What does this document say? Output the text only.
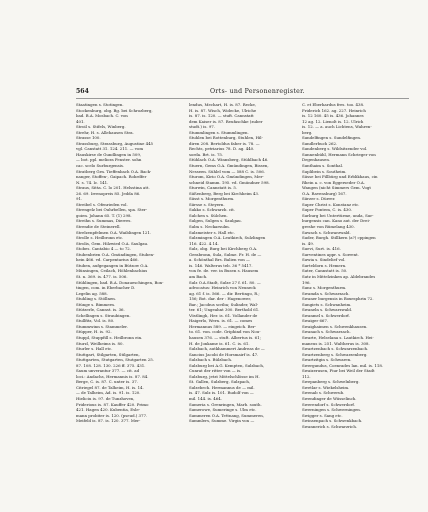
564	Orts- und Personenregister.
Staatingen s. Stotingen.
Stockenburg, obg. Bg. bei Schrozberg,
bad. B.A. Mosbach. C. von
401.
Stroil s. Stifels, Winberg.
Strehr, H. s. Allehausen Stra.
Strasse 100.
Strassburg, Strassburg, Augustine 445
vgl. Canstatt 31. 124. 211. — vom
Hauskirse de Gundlingen in 509,
— bot. ppl. meliora Fenster. sohn
cac. scelo Surburgensis.
Stratberg Grn. Tieffenbach O.A. Back-
nanger, Stoffen-, Gaipach. Rohrdfer
N. s. 74. Ic. 141.
Straus, Sitta. C. lo 201. Helsstina att.
26. 69. Irrenopreis 85. Jedda 86.
91.
Streibel s. Ofenrieden vol.
Strengelz bei Ouhrbellen, spa. Ster-
goien. Johann 65. T. (1) 298.
Streihn s. Summas, Dierres.
Strendie de Steinerell.
Strelzenpfelmen O.A. Waiblingen 121.
Strolle s. Heilbronn etc.
Strolis, Gem. Hilzwied O.A. Saulgau.
Stobes. Cantabio 4 — to 72.
Stubenbrien O.A. Gmündingen, Stuben-
hein 466. vd. Carpentarius 466.
Stuben, aufgegangen in Bützow O.A.
Münsingen, Ceilach, Höhlenbachius
St. n. 369. is. 477. is. 506.
Stühlingen, bad. B.A. Donaueschingen, Bon-
tingen, com. in Eberbacher D.
Legelin ag. 588.
Stuhling s. Stöllnen.
Stünge s. Bimmern.
Stützerle, Cannst. is. 36.
Schellingen s. Straubingen.
Stullfitz, Vol. is. 80.
Stummwinn s. Stammeler.
Stüpper, H. is. 92.
Stuppl, Stuppfill s. Heilbronn ein.
Sturzl, Weilheims is. 80.
Sturler s. Hall etc.
Stuttgart, Stilgarten, Stilgarten,
Stuttgarten, Stutgarten, Stutgarten 25.
87. 108. 128. 130. 226 ff. 375. 431.
Saum unverantur 377. — cit. ad
loci.: Andachs, Hermannis is. 87. 84.
Berge, C. is. 87. C. unter is. 37.
Citriegel 87. de Talheim, H. is. 14.
— de Talheim, Ad. is. 91. is. 120.
Hieliciu is. 97. de Tunzhoven,
Friderious is. 87. Kauffer 420. Primo
421. Hagen 420. Kubentia, Esle-
mann probiter is. 120. (pseud.) 377.
Meifeld is. 87. is. 120. 377. Mer-
lendus, Mechart, H. is. 87. Recke,
H. is. 87. Wisch, Widecke, Ulriche
is. 87. is. 120. — stuft. Cannstatt
dem Kaiser is. 87. Reufaschke (zuber
studt.) is. 97.
Stummlingen s. Stummlingen.
Stuhlen bei Rottenburg, Stuhlen, Hil-
diren 208. Bertoldus faber is. 78. —
Rechts, petriarius 78. D. ag. 440.
sorda. Brt. is. 75.
Stühlach O.A. Winnsberg, Stühlbach 46.
Stuern, Gems O.A. Gmündingen, Bissen,
Nesseen. Sühlel vom — 588 C. is. 506.
Sturom, Kirio O.A. Gmündingen, Mer-
schneid Stamm. 195. vd. Gmündner 598.
Sturwin, Cannstatt is. 5.
Süßenberg, Berg bei Kirchheim 43.
Süsst s. Morgenthurm.
Sürsse s. Steyern.
Sukko s. Schwarzb. cit.
Sulchen s. Sülchen.
Sulgen, Sulgen s. Saulgau.
Sulm s. Neckarsulm.
Sulzmeister s. Hall etc.
Sulzmingen O.A. Leutkirch, Sulzlingen
116. 422. 4.14.
Sulz, obg. Burg bei Kirchberg O.A.
Gerabronn, Sula, Sulme. Fr. H. de —
a. Schönthal Brs. Balien von —
is. 146. Walterus teb. 36 * 5417.
von fe. de. ver. in Busen s. Hausem
am Bach.
Sulz O.A.Stadt, Sulze 27 f. 61. 80. —
advocatus: Heinrich von Neuneck
ag. 61 f. is. 566. — dir. Bertingo, R.;
156; Bot. dar. der : Hagenower,
Bar.; Jacobus scriba; Sulinder, Wal-
ter. 61; Ungeahnt 300. Berthold 61.
Vöstlingh, Her. is. 61. Vollander de
Haigerlo, Wern. is. 61. — comes
Hermannus 589. — eingeich. Ber-
to. 61. von. code. Griphind von Nou-
hausen 376. — stuft. Albertus is. 61;
H. de Jonkame is. 61. C. is. 61.
Sulzbach, autkhammert Andreas de —
Sancius Jacobi de Horsmairf is. 47.
Sulzbach s. Bülzbach.
Sulzburg bei A.G. Kempten, Sulzbach,
Cunrat der ritter von — is.
Sulzburg, jetzt Mittelschlösse im H.
St. Gallen, Sulzberg, Sulzpach,
Sulzebech. Hermannus de — mil.
is. 47. Sulz is. 101. Rudolf von —
mil. 144. is. 464.
Sumeria s. Grenringen, Marb. south.
Sumerowe, Sumeringe s. Ulm etc.
Summeren O.A. Tettnang, Summeren,
Summlers, Summe. Virgin von —
C. et Eberhardus fres. too. 438.
Friderich 162. ag. 227. Heinrich
is. 12 160. 45 is. 436. Johannes
12 ag. 12. Lienolt is. 12. Ulrich
is. 12. — a. auch Lichtens, Wahren-
berg.
Sundelfingen s. Sundelfingen.
Sundlerbuch 262.
Sundenberg s. Wildsitzender vol.
Sunnenbühl, Hermann Schrieger von
Degenhausen.
Sunthaim s. Sonthal.
Suplibein s. Southeim.
Süsse bei Fillbürg und Erblikhaus, cin
Rhein a. c. von Eggerseder O.A.
Wangen (nicht Simmers Gem. Vogt
O.A. Ravensburg) 167.
Sürzer s. Dürrer.
Super Christ s. Konstanz etc.
Super Pontem, C. is. 430.
Surburg bei Untertürme, unda, Sur-
burgensis can. Kano aut. der Drei-
greshe von Rümelang 430.
Suwach s. Schwarzwald.
Suder, Burgh. Stillkern (a?) cppingen
is. 49.
Suevi, Surt. is. 416.
Surventines appr. s. Sorrent.
Suwia s. Sindelief vol.
Surteldorn s. Hemern.
Suter, Cannstatt is. 50.
Sutz in Mittelzinken ap. Aldebrandes
196.
Sunz s. Morgenthurm.
Swamda s. Schwarzach.
Swaner burgensis in Boxesphrin 72.
Sungiets s. Schwanheim.
Swaneln s. Schwarzwald.
Swanmel s. Schwerdorf.
Swaiger 667.
Swaighaimen s. Schwenkhausen.
Swanach s. Schwarzach.
Swarte, Helselana s. Lautkirch. Hei-
maneus is. 251. Waltherus is. 308.
Swartzenbach s. Schwarzenbach.
Swartzenberg s. Schwarzenberg.
Swartzitgin s. Schwaren.
Swergundus, Coenrades lan. mil. is. 118.
Swaizerusen, Fiur bei Weil der Stadt
112.
Swepanberg s. Schwelnberg.
Swetlar s. Wiekelsheim.
Swenab s. Schwerub.
Swendinger de Wüsselinch.
Swerendorf s. Schwerdorf.
Swerningen s. Schwerningen.
Swigger s. Sang etc.
Swinsenpach s. Schwenkbach.
Swannerich s. Schwarzrich.
